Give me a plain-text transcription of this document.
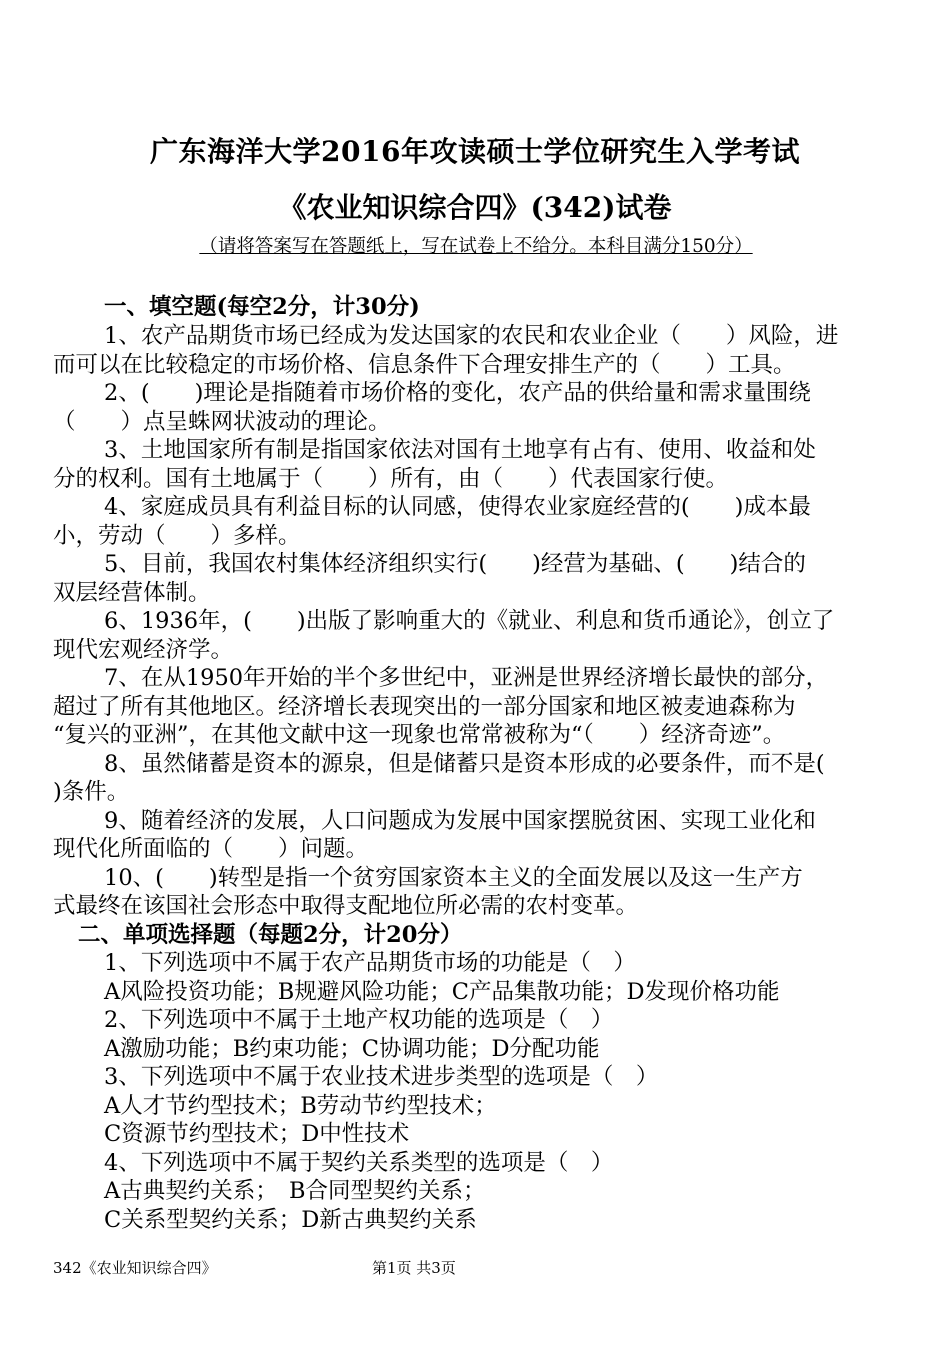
广东海洋大学2016年攻读硕士学位研究生入学考试
《农业知识综合四》(342)试卷
（请将答案写在答题纸上，写在试卷上不给分。本科目满分150分）
一、填空题(每空2分，计30分)
1、农产品期货市场已经成为发达国家的农民和农业企业（　　）风险，进
而可以在比较稳定的市场价格、信息条件下合理安排生产的（　　）工具。
2、(　　)理论是指随着市场价格的变化，农产品的供给量和需求量围绕
（　　）点呈蛛网状波动的理论。
3、土地国家所有制是指国家依法对国有土地享有占有、使用、收益和处
分的权利。国有土地属于（　　）所有，由（　　）代表国家行使。
4、家庭成员具有利益目标的认同感，使得农业家庭经营的(　　)成本最
小，劳动（　　）多样。
5、目前，我国农村集体经济组织实行(　　)经营为基础、(　　)结合的
双层经营体制。
6、1936年，(　　)出版了影响重大的《就业、利息和货币通论》，创立了
现代宏观经济学。
7、在从1950年开始的半个多世纪中，亚洲是世界经济增长最快的部分，
超过了所有其他地区。经济增长表现突出的一部分国家和地区被麦迪森称为
“复兴的亚洲”，在其他文献中这一现象也常常被称为“（　　）经济奇迹”。
8、虽然储蓄是资本的源泉，但是储蓄只是资本形成的必要条件，而不是(
)条件。
9、随着经济的发展，人口问题成为发展中国家摆脱贫困、实现工业化和
现代化所面临的（　　）问题。
10、(　　)转型是指一个贫穷国家资本主义的全面发展以及这一生产方
式最终在该国社会形态中取得支配地位所必需的农村变革。
二、单项选择题（每题2分，计20分）
1、下列选项中不属于农产品期货市场的功能是（　）
A风险投资功能；B规避风险功能；C产品集散功能；D发现价格功能
2、下列选项中不属于土地产权功能的选项是（　）
A激励功能；B约束功能；C协调功能；D分配功能
3、下列选项中不属于农业技术进步类型的选项是（　）
A人才节约型技术；B劳动节约型技术；
C资源节约型技术；D中性技术
4、下列选项中不属于契约关系类型的选项是（　）
A古典契约关系；　B合同型契约关系；
C关系型契约关系；D新古典契约关系
342《农业知识综合四》	第1页 共3页
